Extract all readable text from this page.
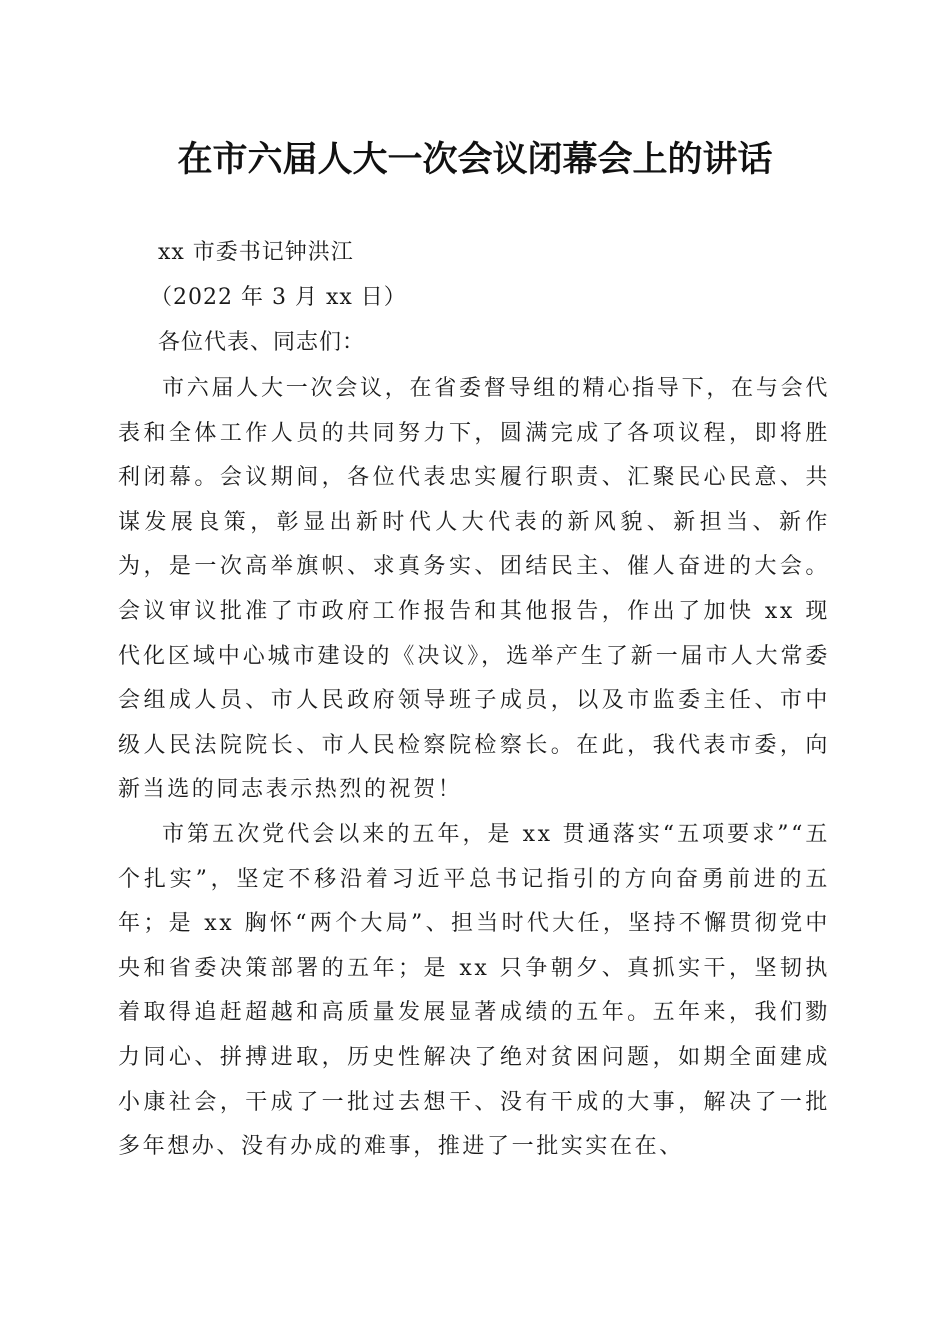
在市六届人大一次会议闭幕会上的讲话
xx 市委书记钟洪江
（2022 年 3 月 xx 日）
各位代表、同志们：

市六届人大一次会议，在省委督导组的精心指导下，在与会代表和全体工作人员的共同努力下，圆满完成了各项议程，即将胜利闭幕。会议期间，各位代表忠实履行职责、汇聚民心民意、共谋发展良策，彰显出新时代人大代表的新风貌、新担当、新作为，是一次高举旗帜、求真务实、团结民主、催人奋进的大会。会议审议批准了市政府工作报告和其他报告，作出了加快 xx 现代化区域中心城市建设的《决议》，选举产生了新一届市人大常委会组成人员、市人民政府领导班子成员，以及市监委主任、市中级人民法院院长、市人民检察院检察长。在此，我代表市委，向新当选的同志表示热烈的祝贺！

市第五次党代会以来的五年，是 xx 贯通落实“五项要求”“五个扎实”，坚定不移沿着习近平总书记指引的方向奋勇前进的五年；是 xx 胸怀“两个大局”、担当时代大任，坚持不懈贯彻党中央和省委决策部署的五年；是 xx 只争朝夕、真抓实干，坚韧执着取得追赶超越和高质量发展显著成绩的五年。五年来，我们勠力同心、拼搏进取，历史性解决了绝对贫困问题，如期全面建成小康社会，干成了一批过去想干、没有干成的大事，解决了一批多年想办、没有办成的难事，推进了一批实实在在、
